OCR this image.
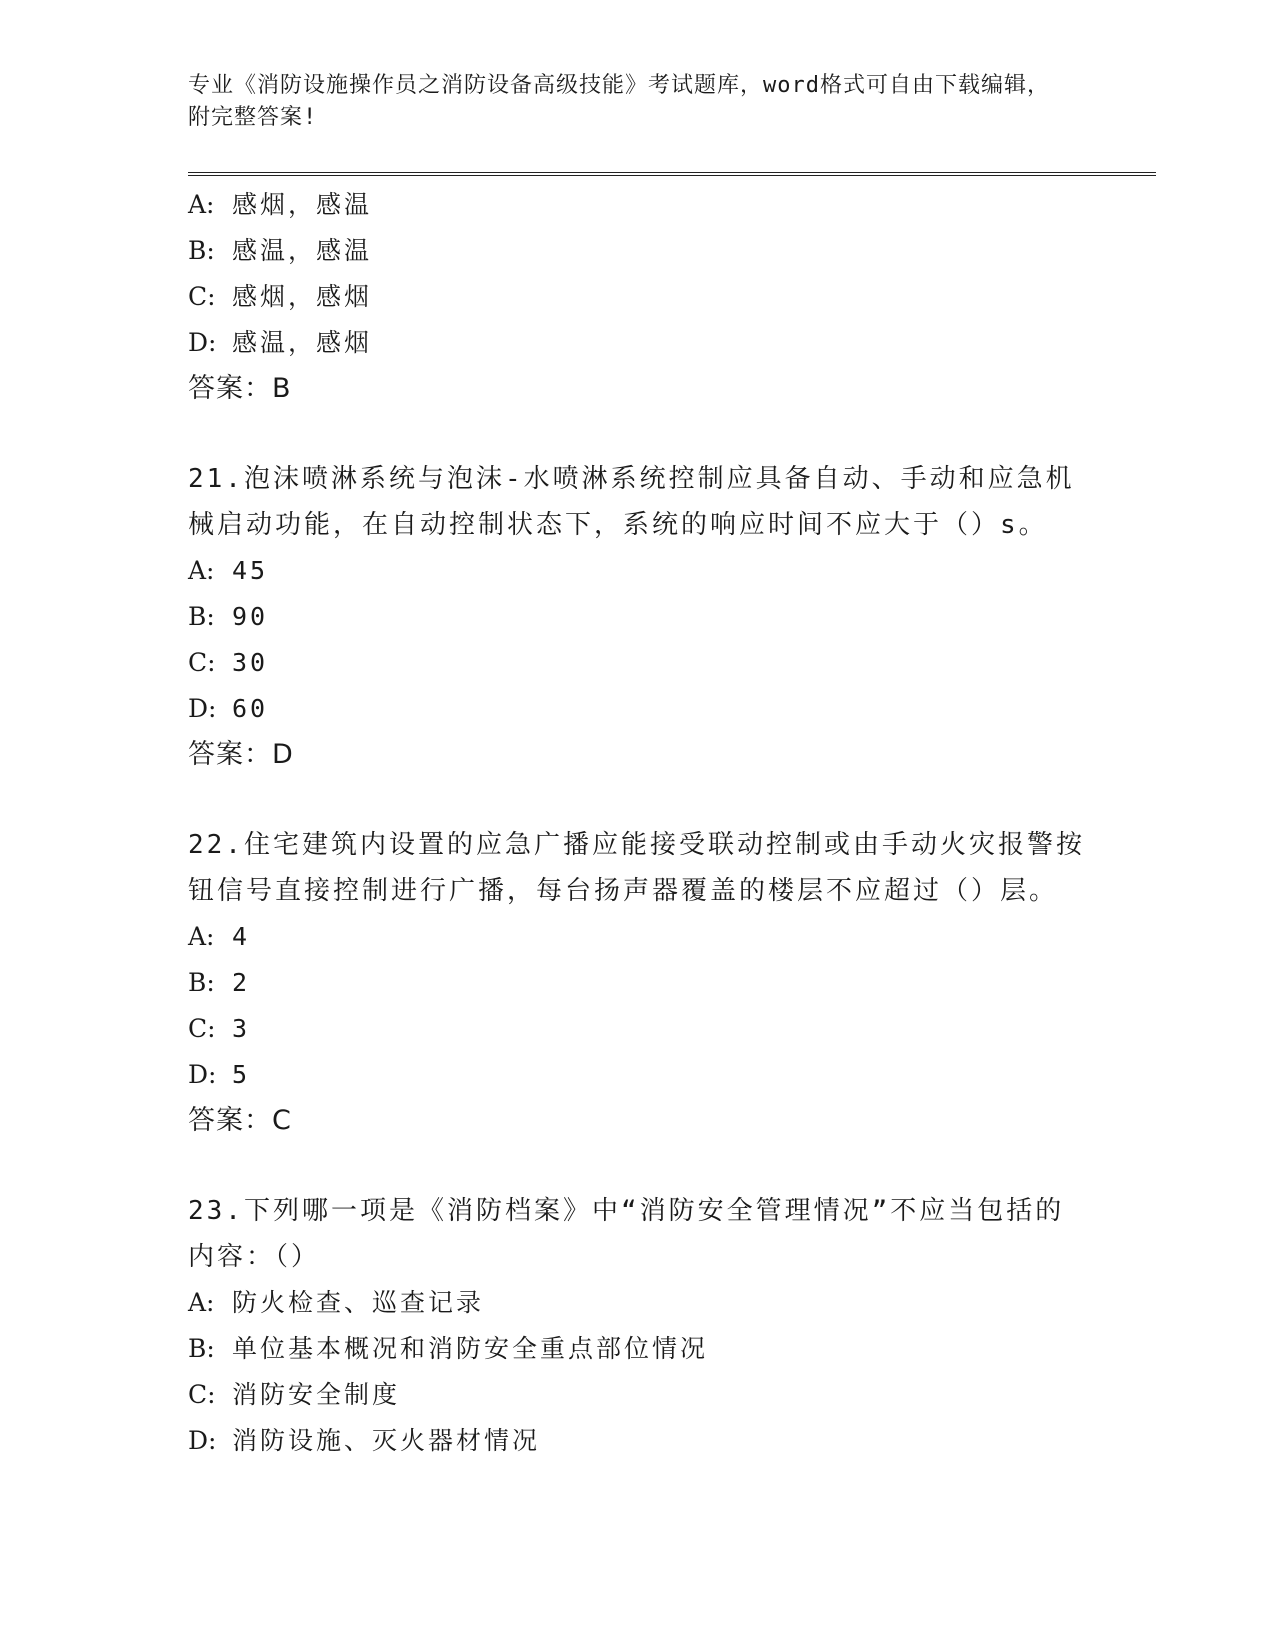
专业《消防设施操作员之消防设备高级技能》考试题库，word格式可自由下载编辑，附完整答案!
A: 感烟，感温
B: 感温，感温
C: 感烟，感烟
D: 感温，感烟
答案：B
21.泡沫喷淋系统与泡沫-水喷淋系统控制应具备自动、手动和应急机械启动功能，在自动控制状态下，系统的响应时间不应大于（）s。
A: 45
B: 90
C: 30
D: 60
答案：D
22.住宅建筑内设置的应急广播应能接受联动控制或由手动火灾报警按钮信号直接控制进行广播，每台扬声器覆盖的楼层不应超过（）层。
A: 4
B: 2
C: 3
D: 5
答案：C
23.下列哪一项是《消防档案》中“消防安全管理情况”不应当包括的内容：（）
A: 防火检查、巡查记录
B: 单位基本概况和消防安全重点部位情况
C: 消防安全制度
D: 消防设施、灭火器材情况
